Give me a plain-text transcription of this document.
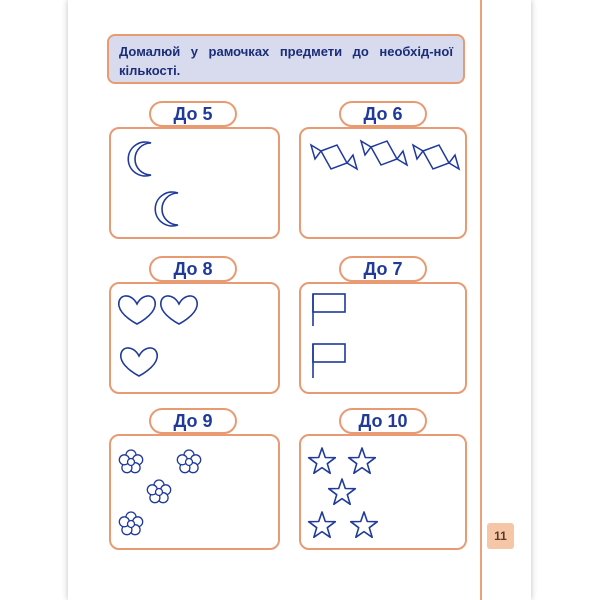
Домалюй у рамочках предмети до необхід-ної кількості.
До 5	До 6
До 8	До 7
До 9	До 10
11
